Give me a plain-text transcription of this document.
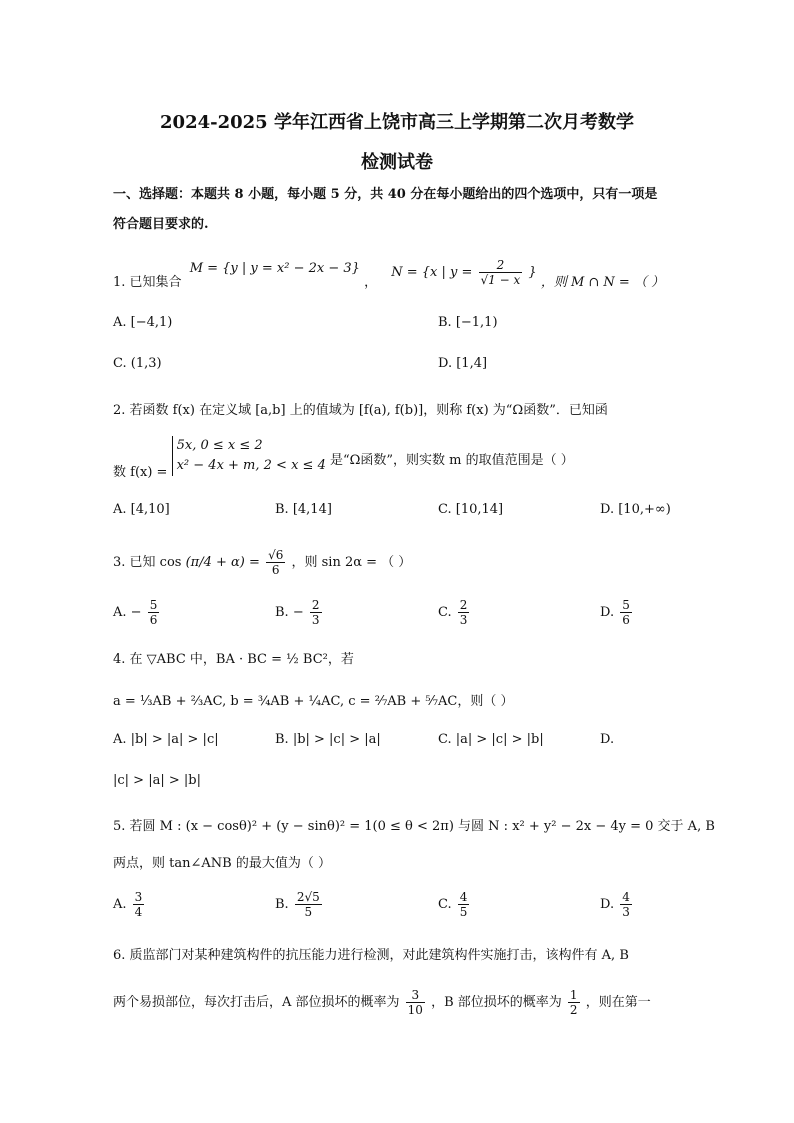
2024-2025 学年江西省上饶市高三上学期第二次月考数学
检测试卷
一、选择题：本题共 8 小题，每小题 5 分，共 40 分在每小题给出的四个选项中，只有一项是
符合题目要求的.
1. 已知集合 M = {y | y = x² − 2x − 3} ， N = {x | $y = \frac{2}{√1 - x}$ } ，则 M ∩ N = （ ）
A. [−4,1)	B. [−1,1)
C. (1,3)	D. [1,4]
2. 若函数 f(x) 在定义域 [a,b] 上的值域为 [f(a), f(b)]，则称 f(x) 为“Ω函数”．已知函
数 f(x) =
5x, 0 ≤ x ≤ 2
x² − 4x + m, 2 < x ≤ 4 是“Ω函数”，则实数 m 的取值范围是（ ）
A. [4,10]	B. [4,14]	C. [10,14]	D. [10,+∞)
3. 已知 $\cos (\pi/4 + \alpha) = \frac{√6}{6}$ ，则 sin 2α = （ ）
A. − $\frac{5}{6}$	B. − $\frac{2}{3}$	C. $\frac{2}{3}$	D. $\frac{5}{6}$
4. 在 ▽ABC 中，BA · BC = ½ BC²，若
a = ⅓AB + ⅔AC, b = ¾AB + ¼AC, c = ²⁄₇AB + ⁵⁄₇AC，则（ ）
A. |b| > |a| > |c|	B. |b| > |c| > |a|	C. |a| > |c| > |b|	D.
|c| > |a| > |b|
5. 若圆 M : (x − cosθ)² + (y − sinθ)² = 1(0 ≤ θ < 2π) 与圆 N : x² + y² − 2x − 4y = 0 交于 A, B
两点，则 tan∠ANB 的最大值为（ ）
A. $\frac{3}{4}$	B. $\frac{2√5}{5}$	C. $\frac{4}{5}$	D. $\frac{4}{3}$
6. 质监部门对某种建筑构件的抗压能力进行检测，对此建筑构件实施打击，该构件有 A, B
两个易损部位，每次打击后，A 部位损坏的概率为 $\frac{3}{10}$ ，B 部位损坏的概率为 $\frac{1}{2}$ ，则在第一
